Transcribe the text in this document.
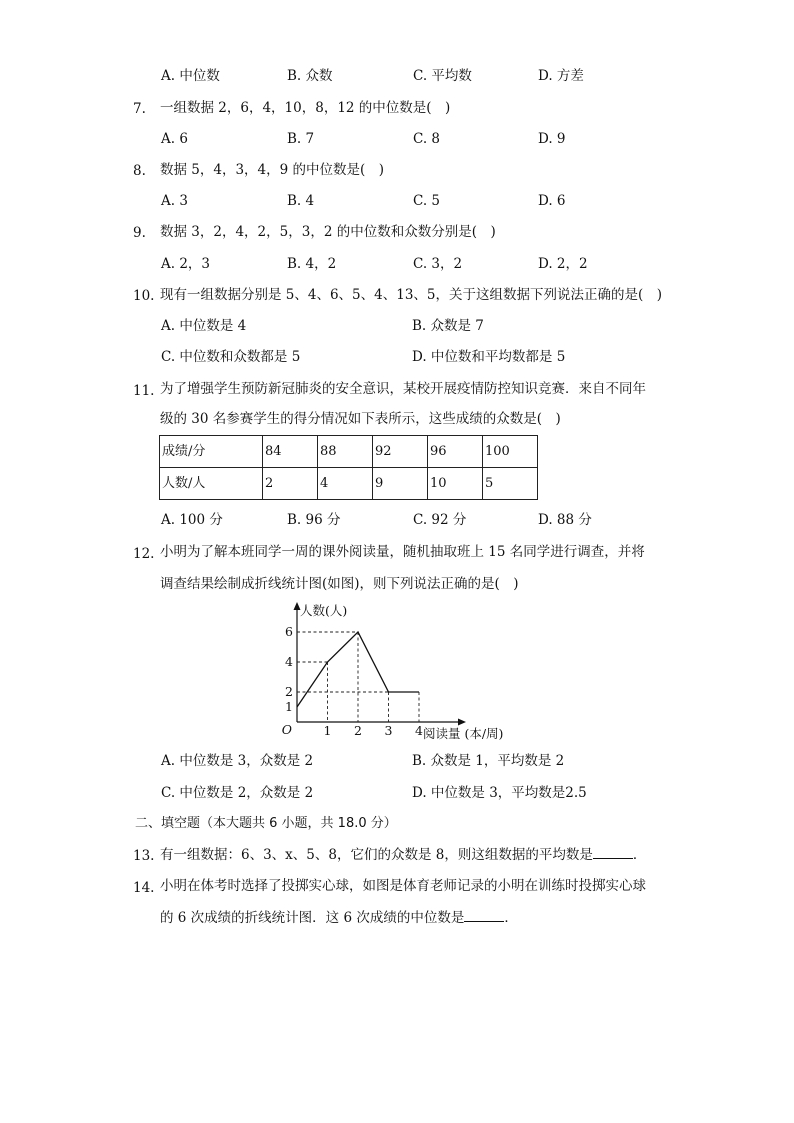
A. 中位数	B. 众数	C. 平均数	D. 方差
7. 一组数据 2，6，4，10，8，12 的中位数是(　)
A. 6	B. 7	C. 8	D. 9
8. 数据 5，4，3，4，9 的中位数是(　)
A. 3	B. 4	C. 5	D. 6
9. 数据 3，2，4，2，5，3，2 的中位数和众数分别是(　)
A. 2，3	B. 4，2	C. 3，2	D. 2，2
10. 现有一组数据分别是 5、4、6、5、4、13、5，关于这组数据下列说法正确的是(　)
A. 中位数是 4	B. 众数是 7
C. 中位数和众数都是 5	D. 中位数和平均数都是 5
11. 为了增强学生预防新冠肺炎的安全意识，某校开展疫情防控知识竞赛．来自不同年
级的 30 名参赛学生的得分情况如下表所示，这些成绩的众数是(　)
成绩/分	84	88	92	96	100
人数/人	2	4	9	10	5
A. 100 分	B. 96 分	C. 92 分	D. 88 分
12. 小明为了解本班同学一周的课外阅读量，随机抽取班上 15 名同学进行调查，并将
调查结果绘制成折线统计图(如图)，则下列说法正确的是(　)
1 2 3 4
1
2
4
6
O
人数(人)
阅读量 (本/周)
A. 中位数是 3，众数是 2	B. 众数是 1，平均数是 2
C. 中位数是 2，众数是 2	D. 中位数是 3，平均数是2.5
二、填空题（本大题共 6 小题，共 18.0 分）
13. 有一组数据：6、3、x、5、8，它们的众数是 8，则这组数据的平均数是	．
14. 小明在体考时选择了投掷实心球，如图是体育老师记录的小明在训练时投掷实心球
的 6 次成绩的折线统计图．这 6 次成绩的中位数是	．
